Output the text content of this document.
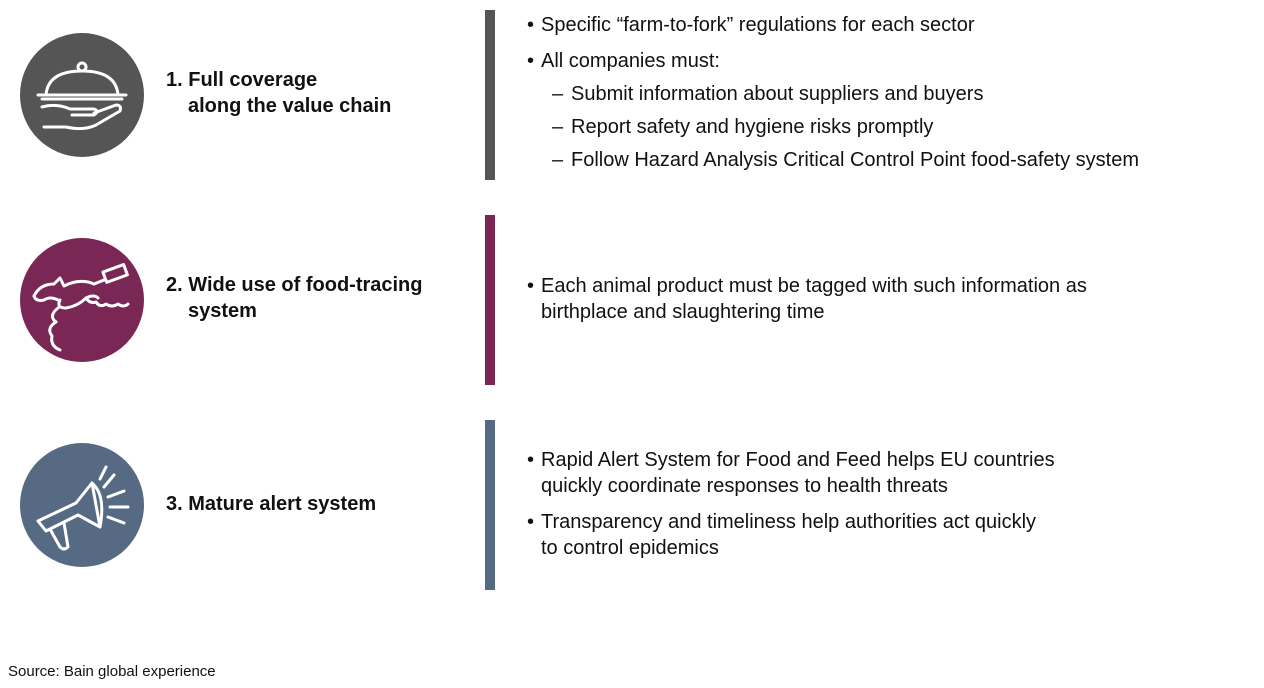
1. Full coverage
along the value chain
• Specific “farm-to-fork” regulations for each sector
• All companies must:
– Submit information about suppliers and buyers
– Report safety and hygiene risks promptly
– Follow Hazard Analysis Critical Control Point food-safety system
2. Wide use of food-tracing
system
• Each animal product must be tagged with such information as
birthplace and slaughtering time
3. Mature alert system
• Rapid Alert System for Food and Feed helps EU countries
quickly coordinate responses to health threats
• Transparency and timeliness help authorities act quickly
to control epidemics
Source: Bain global experience
